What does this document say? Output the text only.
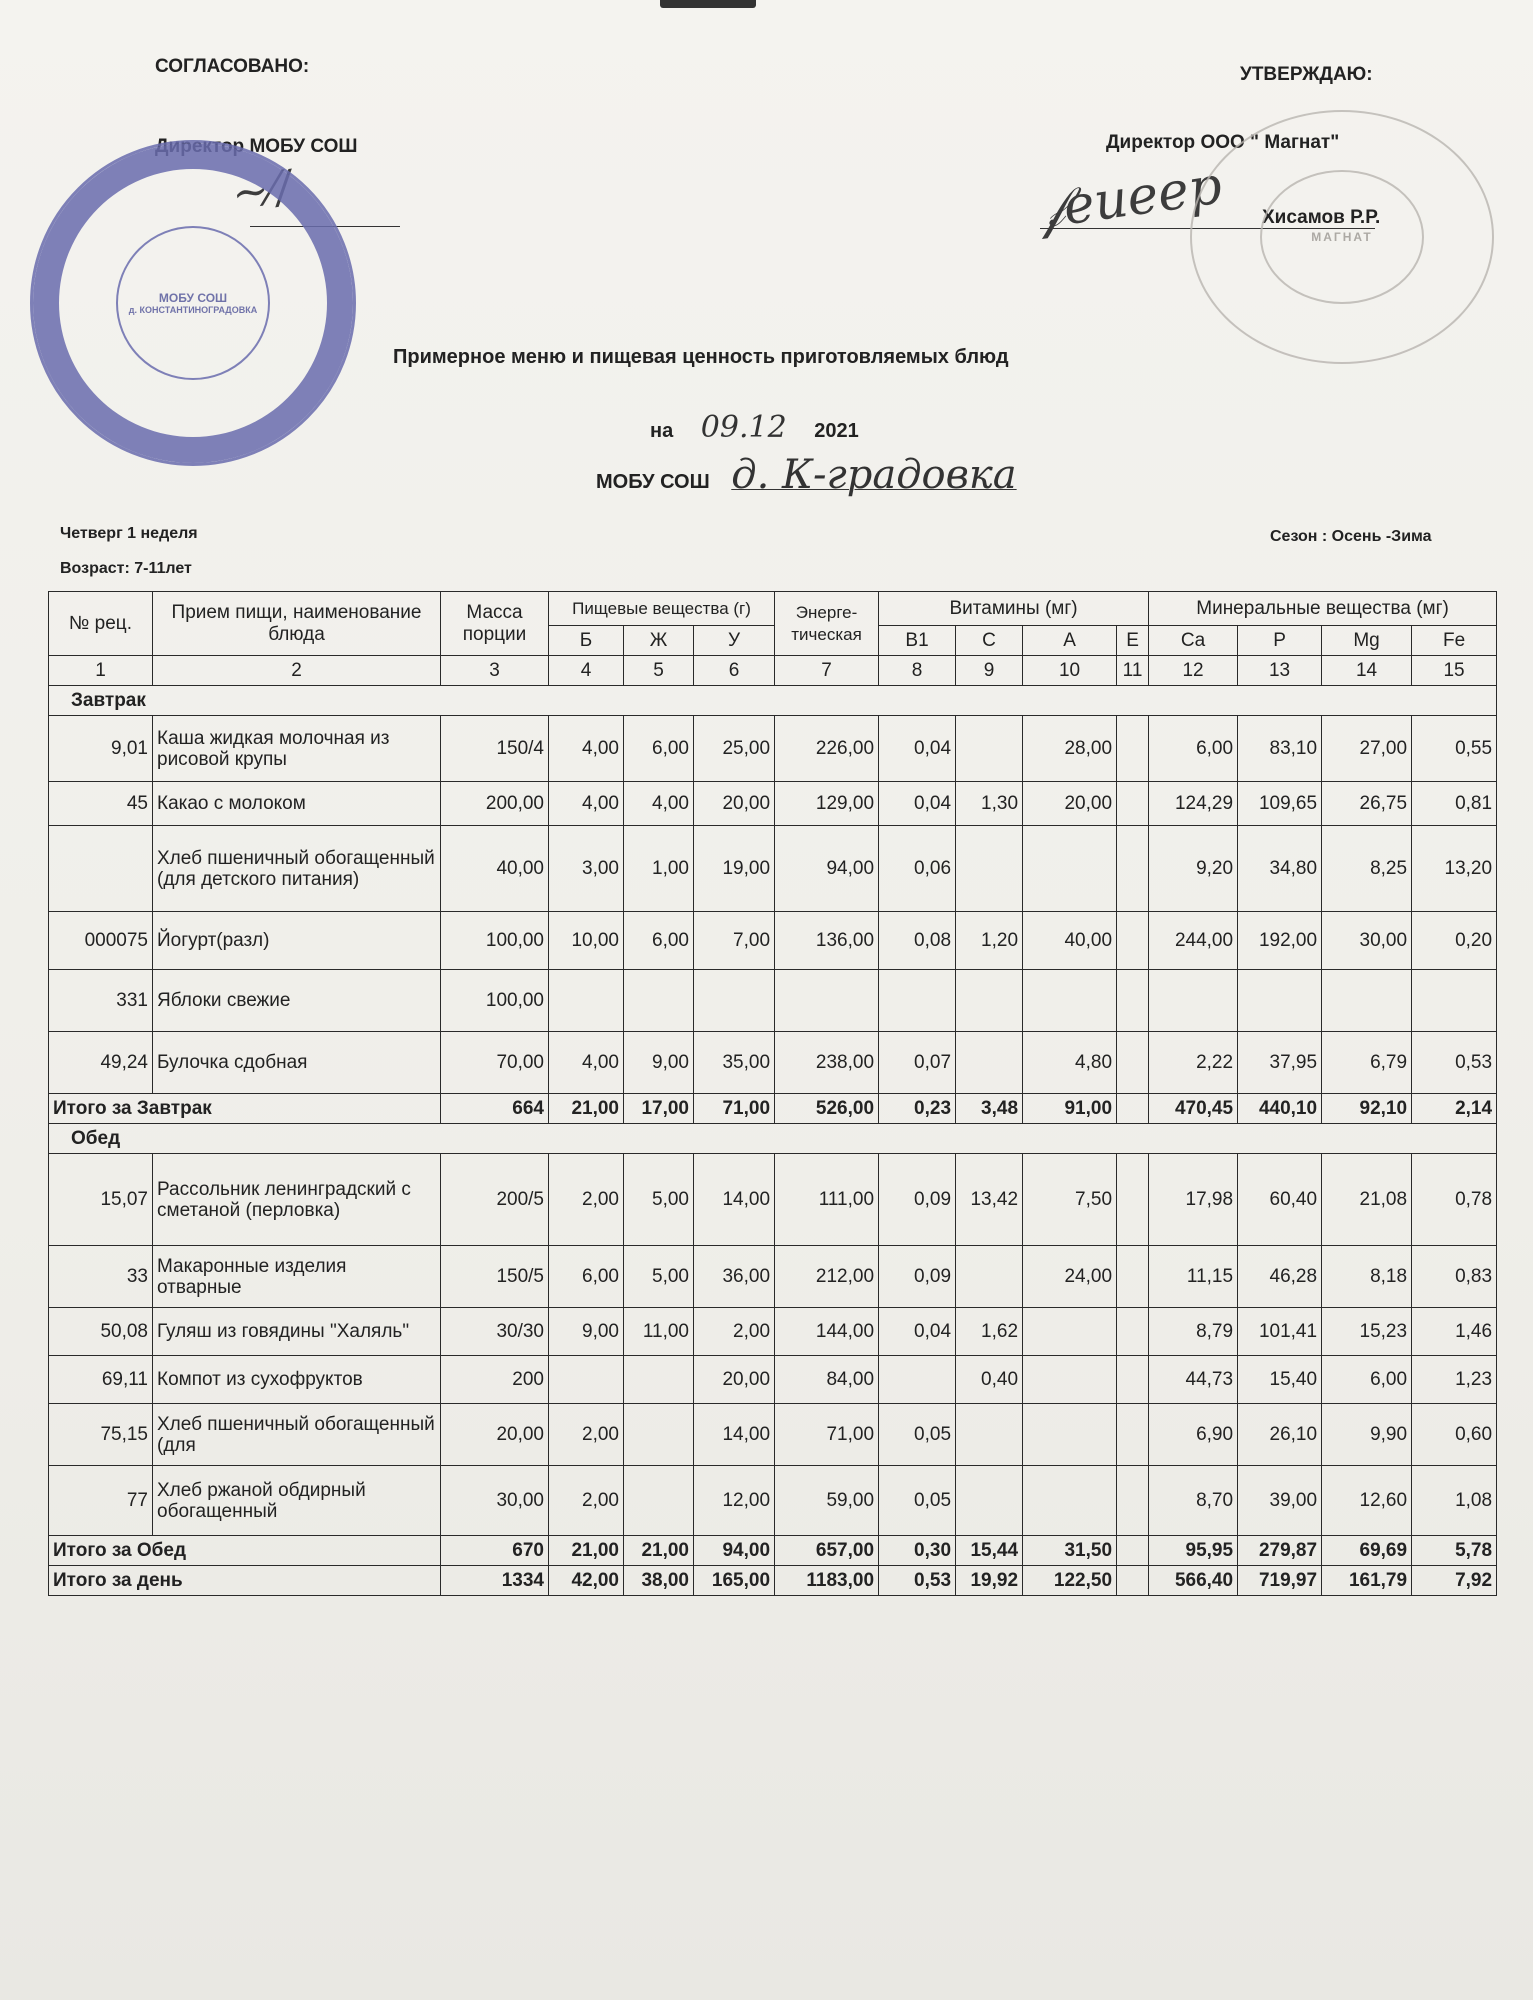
СОГЛАСОВАНО:
Директор МОБУ СОШ
~⁄/
МОБУ СОШ
д. КОНСТАНТИНОГРАДОВКА
УТВЕРЖДАЮ:
Директор ООО " Магнат"
Хисамов Р.Р.
𝒻eиеер	МАГНАТ
Примерное меню и пищевая ценность приготовляемых блюд
на 09.12 2021
МОБУ СОШ д. К-градовка
Четверг 1 неделя
Возраст: 7-11лет
Сезон : Осень -Зима
№ рец.	Прием пищи, наименование блюда	Масса порции	Пищевые вещества (г)			Энерге-тическая	Витамины (мг)				Минеральные вещества (мг)			
			Б	Ж	У		В1	С	А	Е	Ca	P	Mg	Fe
1	2	3	4	5	6	7	8	9	10	11	12	13	14	15
Завтрак														
9,01	Каша жидкая молочная из рисовой крупы	150/4	4,00	6,00	25,00	226,00	0,04		28,00		6,00	83,10	27,00	0,55
45	Какао с молоком	200,00	4,00	4,00	20,00	129,00	0,04	1,30	20,00		124,29	109,65	26,75	0,81
	Хлеб пшеничный обогащенный (для детского питания)	40,00	3,00	1,00	19,00	94,00	0,06				9,20	34,80	8,25	13,20
000075	Йогурт(разл)	100,00	10,00	6,00	7,00	136,00	0,08	1,20	40,00		244,00	192,00	30,00	0,20
331	Яблоки свежие	100,00												
49,24	Булочка сдобная	70,00	4,00	9,00	35,00	238,00	0,07		4,80		2,22	37,95	6,79	0,53
Итого за Завтрак		664	21,00	17,00	71,00	526,00	0,23	3,48	91,00		470,45	440,10	92,10	2,14
Обед														
15,07	Рассольник ленинградский с сметаной (перловка)	200/5	2,00	5,00	14,00	111,00	0,09	13,42	7,50		17,98	60,40	21,08	0,78
33	Макаронные изделия отварные	150/5	6,00	5,00	36,00	212,00	0,09		24,00		11,15	46,28	8,18	0,83
50,08	Гуляш из говядины "Халяль"	30/30	9,00	11,00	2,00	144,00	0,04	1,62			8,79	101,41	15,23	1,46
69,11	Компот из сухофруктов	200			20,00	84,00		0,40			44,73	15,40	6,00	1,23
75,15	Хлеб пшеничный обогащенный (для	20,00	2,00		14,00	71,00	0,05				6,90	26,10	9,90	0,60
77	Хлеб ржаной обдирный обогащенный	30,00	2,00		12,00	59,00	0,05				8,70	39,00	12,60	1,08
Итого за Обед		670	21,00	21,00	94,00	657,00	0,30	15,44	31,50		95,95	279,87	69,69	5,78
Итого за день		1334	42,00	38,00	165,00	1183,00	0,53	19,92	122,50		566,40	719,97	161,79	7,92
